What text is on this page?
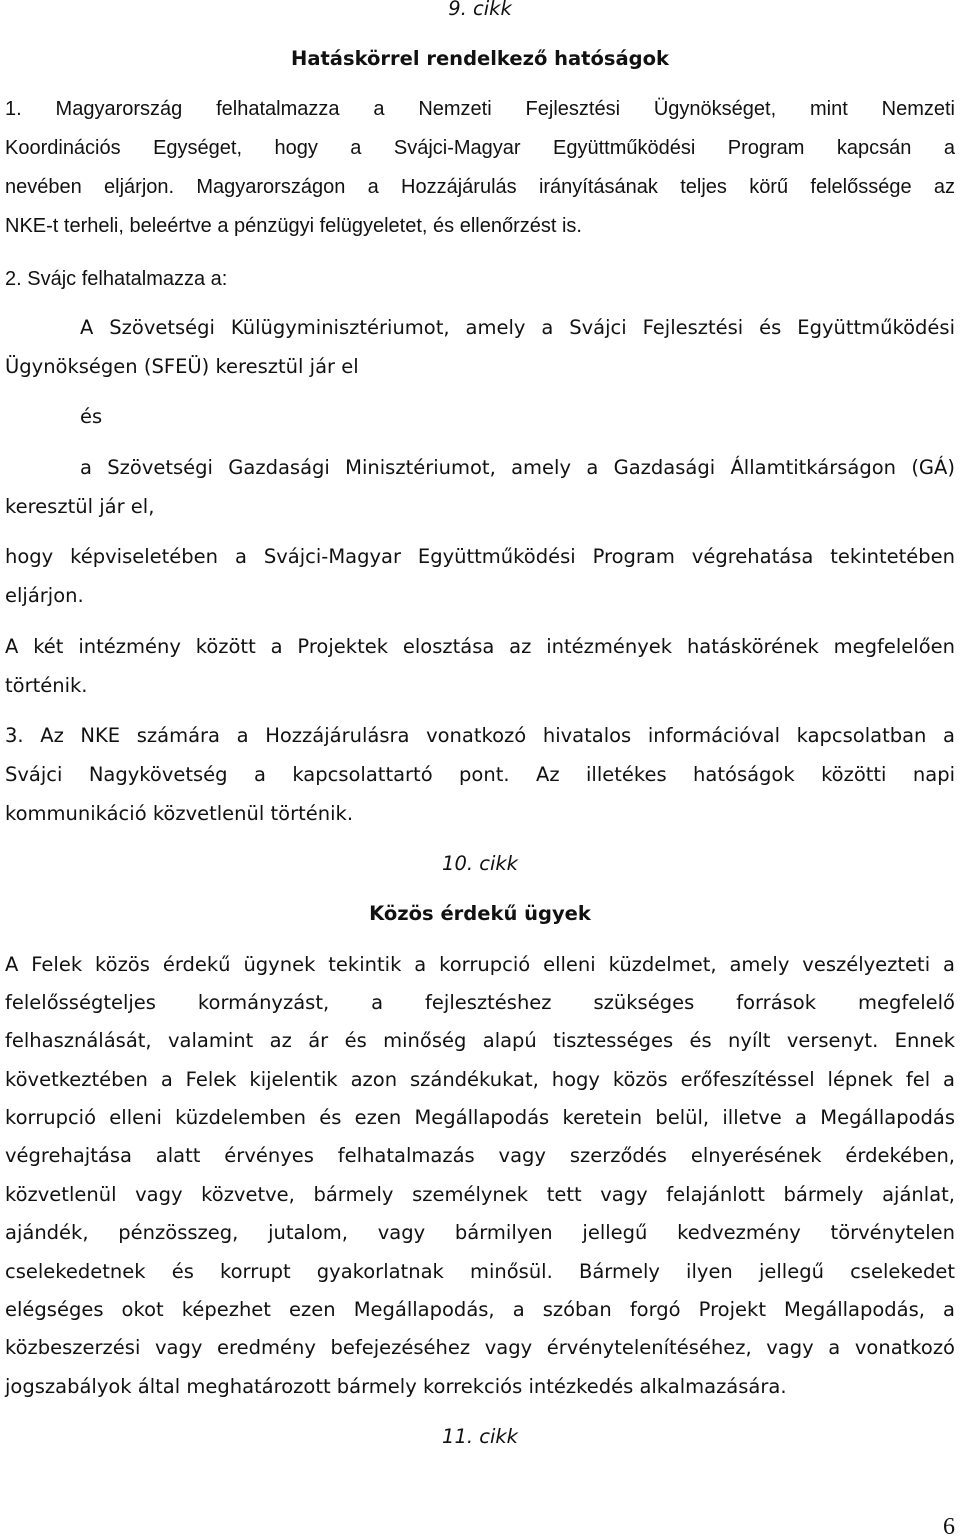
9. cikk
Hatáskörrel rendelkező hatóságok
1. Magyarország felhatalmazza a Nemzeti Fejlesztési Ügynökséget, mint Nemzeti
Koordinációs Egységet, hogy a Svájci-Magyar Együttműködési Program kapcsán a
nevében eljárjon. Magyarországon a Hozzájárulás irányításának teljes körű felelőssége az
NKE-t terheli, beleértve a pénzügyi felügyeletet, és ellenőrzést is.
2. Svájc felhatalmazza a:
A Szövetségi Külügyminisztériumot, amely a Svájci Fejlesztési és Együttműködési
Ügynökségen (SFEÜ) keresztül jár el
és
a Szövetségi Gazdasági Minisztériumot, amely a Gazdasági Államtitkárságon (GÁ)
keresztül jár el,
hogy képviseletében a Svájci-Magyar Együttműködési Program végrehatása tekintetében
eljárjon.
A két intézmény között a Projektek elosztása az intézmények hatáskörének megfelelően
történik.
3. Az NKE számára a Hozzájárulásra vonatkozó hivatalos információval kapcsolatban a
Svájci Nagykövetség a kapcsolattartó pont. Az illetékes hatóságok közötti napi
kommunikáció közvetlenül történik.
10. cikk
Közös érdekű ügyek
A Felek közös érdekű ügynek tekintik a korrupció elleni küzdelmet, amely veszélyezteti a
felelősségteljes kormányzást, a fejlesztéshez szükséges források megfelelő
felhasználását, valamint az ár és minőség alapú tisztességes és nyílt versenyt. Ennek
következtében a Felek kijelentik azon szándékukat, hogy közös erőfeszítéssel lépnek fel a
korrupció elleni küzdelemben és ezen Megállapodás keretein belül, illetve a Megállapodás
végrehajtása alatt érvényes felhatalmazás vagy szerződés elnyerésének érdekében,
közvetlenül vagy közvetve, bármely személynek tett vagy felajánlott bármely ajánlat,
ajándék, pénzösszeg, jutalom, vagy bármilyen jellegű kedvezmény törvénytelen
cselekedetnek és korrupt gyakorlatnak minősül. Bármely ilyen jellegű cselekedet
elégséges okot képezhet ezen Megállapodás, a szóban forgó Projekt Megállapodás, a
közbeszerzési vagy eredmény befejezéséhez vagy érvénytelenítéséhez, vagy a vonatkozó
jogszabályok által meghatározott bármely korrekciós intézkedés alkalmazására.
11. cikk
6
